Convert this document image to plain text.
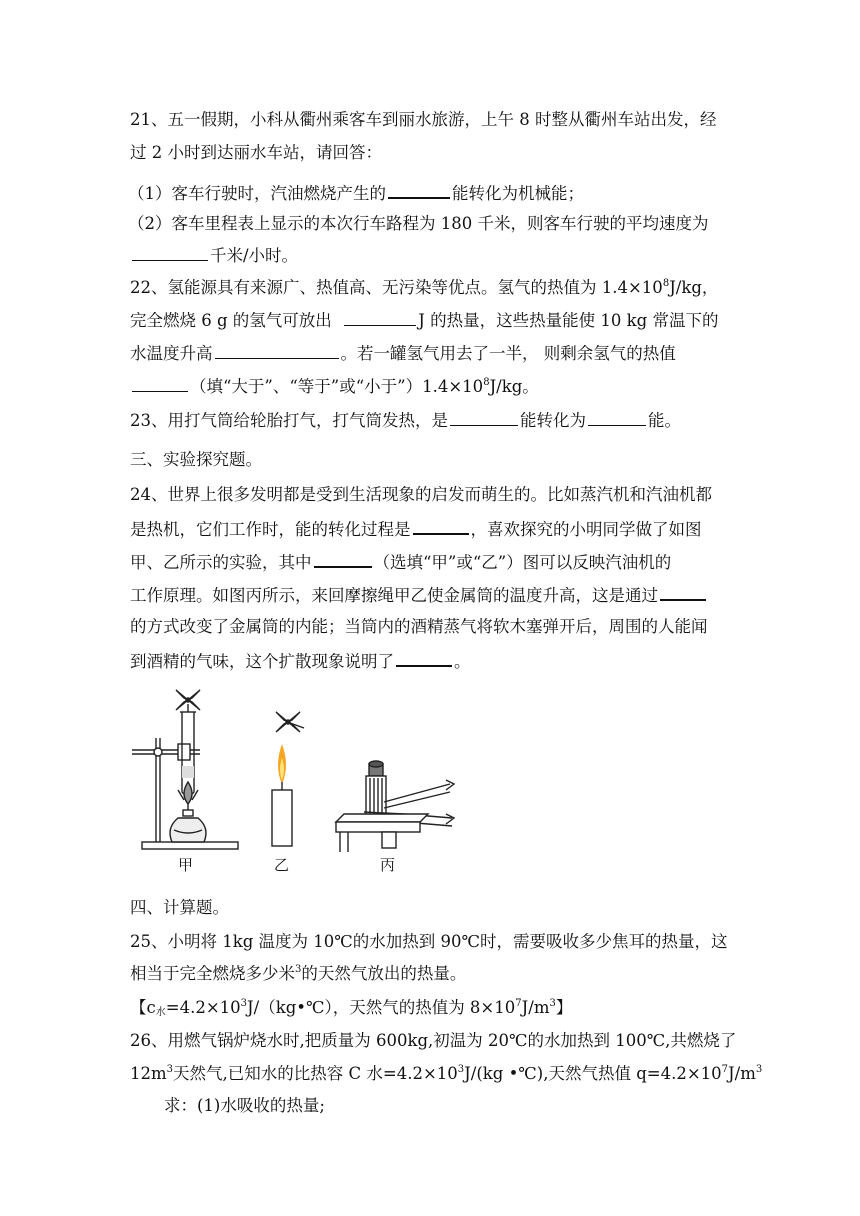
21、五一假期，小科从衢州乘客车到丽水旅游，上午 8 时整从衢州车站出发，经
过 2 小时到达丽水车站，请回答：
（1）客车行驶时，汽油燃烧产生的	能转化为机械能；
（2）客车里程表上显示的本次行车路程为 180 千米，则客车行驶的平均速度为
千米/小时。
22、氢能源具有来源广、热值高、无污染等优点。氢气的热值为 $1.4\times 10^8J/kg$，
完全燃烧 6 g 的氢气可放出	J 的热量，这些热量能使 10 kg 常温下的
水温度升高	。若一罐氢气用去了一半， 则剩余氢气的热值
（填“大于”、“等于”或“小于$”)1.4\times 10^8J/kg$。
23、用打气筒给轮胎打气，打气筒发热，是	能转化为	能。
三、实验探究题。
24、世界上很多发明都是受到生活现象的启发而萌生的。比如蒸汽机和汽油机都
是热机，它们工作时，能的转化过程是	，喜欢探究的小明同学做了如图
甲、乙所示的实验，其中	（选填“甲”或“乙”）图可以反映汽油机的
工作原理。如图丙所示，来回摩擦绳甲乙使金属筒的温度升高，这是通过
的方式改变了金属筒的内能；当筒内的酒精蒸气将软木塞弹开后，周围的人能闻
到酒精的气味，这个扩散现象说明了	。
甲	乙	丙
四、计算题。
25、小明将 1kg 温度为 10℃的水加热到 90℃时，需要吸收多少焦耳的热量，这
相当于完全燃烧多少米$^3$的天然气放出的热量。
【$c_水=4.2\times 10^3J/(kg•℃)$，天然气的热值为 $8\times 10^7J/m^3$】
26、用燃气锅炉烧水时,把质量为 600kg,初温为 20℃的水加热到 100℃,共燃烧了
$12m^3$天然气,已知水的比热容 C 水$=4.2\times 10^3J/(kg$ •℃),天然气热值 $q=4.2\times 10^7J/m^3$
求：(1)水吸收的热量;
